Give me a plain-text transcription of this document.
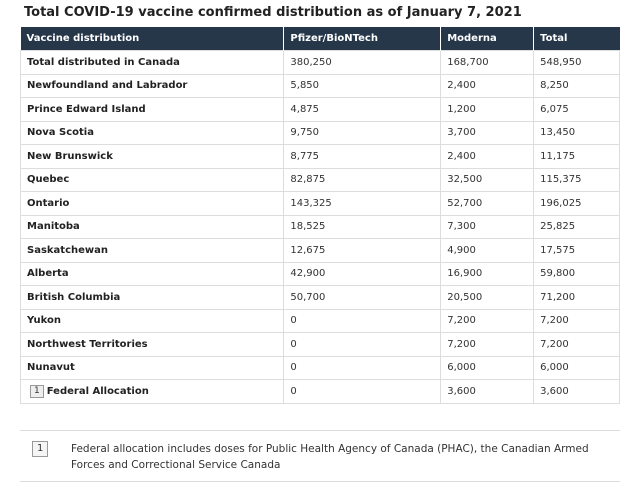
Total COVID-19 vaccine confirmed distribution as of January 7, 2021
Vaccine distribution	Pfizer/BioNTech	Moderna	Total
Total distributed in Canada	380,250	168,700	548,950
Newfoundland and Labrador	5,850	2,400	8,250
Prince Edward Island	4,875	1,200	6,075
Nova Scotia	9,750	3,700	13,450
New Brunswick	8,775	2,400	11,175
Quebec	82,875	32,500	115,375
Ontario	143,325	52,700	196,025
Manitoba	18,525	7,300	25,825
Saskatchewan	12,675	4,900	17,575
Alberta	42,900	16,900	59,800
British Columbia	50,700	20,500	71,200
Yukon	0	7,200	7,200
Northwest Territories	0	7,200	7,200
Nunavut	0	6,000	6,000
1 Federal Allocation	0	3,600	3,600
1	Federal allocation includes doses for Public Health Agency of Canada (PHAC), the Canadian Armed Forces and Correctional Service Canada
